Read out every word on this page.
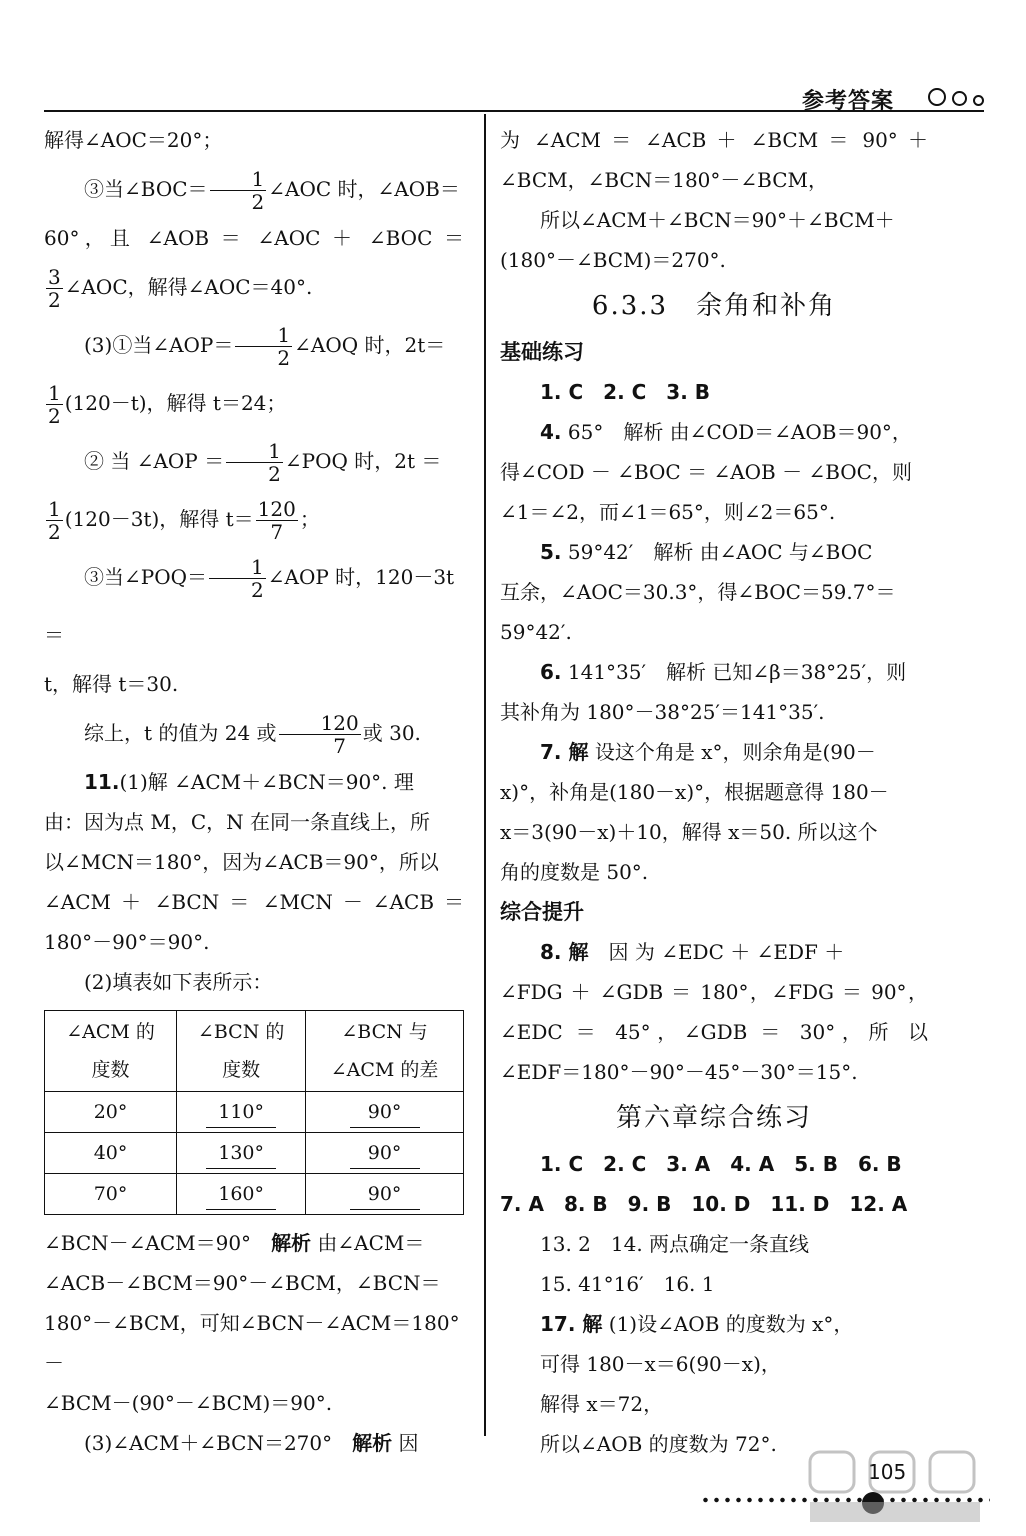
参考答案

解得∠AOC＝20°；

③当∠BOC＝ $\frac{1}{2}$ ∠AOC 时，∠AOB＝

60°，且 ∠AOB ＝ ∠AOC ＋ ∠BOC ＝

$\frac{3}{2}$ ∠AOC，解得∠AOC＝40°.

(3)①当∠AOP＝ $\frac{1}{2}$ ∠AOQ 时，2t＝

$\frac{1}{2} (120-t)$，解得 t＝24；

② 当 ∠AOP ＝ $\frac{1}{2}$ ∠POQ 时，2t ＝

$\frac{1}{2} (120-3t)$，解得 $t= \frac{120}{7}$ ；

③当∠POQ＝ $\frac{1}{2}$ ∠AOP 时，120－3t＝

t，解得 t＝30.

综上，t 的值为 24 或 $\frac{120}{7}$ 或 30.

11.(1)解 ∠ACM＋∠BCN＝90°. 理

由：因为点 M，C，N 在同一条直线上，所

以∠MCN＝180°，因为∠ACB＝90°，所以

∠ACM ＋ ∠BCN ＝ ∠MCN － ∠ACB ＝

180°－90°＝90°.

(2)填表如下表所示：

∠ACM 的
度数	∠BCN 的
度数	∠BCN 与
∠ACM 的差
20°	110°	90°
40°	130°	90°
70°	160°	90°

∠BCN－∠ACM＝90°　 解析 由∠ACM＝

∠ACB－∠BCM＝90°－∠BCM，∠BCN＝

180°－∠BCM，可知∠BCN－∠ACM＝180°－

∠BCM－(90°－∠BCM)＝90°.

(3)∠ACM＋∠BCN＝270°　 解析 因

为 ∠ACM ＝ ∠ACB ＋ ∠BCM ＝ 90° ＋

∠BCM，∠BCN＝180°－∠BCM，

所以∠ACM＋∠BCN＝90°＋∠BCM＋

(180°－∠BCM)＝270°.

6.3.3　余角和补角

基础练习

1. C　2. C　3. B

4. 65°　解析 由∠COD＝∠AOB＝90°，

得∠COD － ∠BOC ＝ ∠AOB － ∠BOC，则

∠1＝∠2，而∠1＝65°，则∠2＝65°.

5. 59°42′　解析 由∠AOC 与∠BOC

互余，∠AOC＝30.3°，得∠BOC＝59.7°＝

59°42′.

6. 141°35′　解析 已知∠β＝38°25′，则

其补角为 180°－38°25′＝141°35′.

7. 解 设这个角是 x°，则余角是(90－

x)°，补角是(180－x)°，根据题意得 180－

x＝3(90－x)＋10，解得 x＝50. 所以这个

角的度数是 50°.

综合提升

8. 解　 因 为 ∠EDC ＋ ∠EDF ＋

∠FDG ＋ ∠GDB ＝ 180°，∠FDG ＝ 90°，

∠EDC ＝ 45°，∠GDB ＝ 30°，所 以

∠EDF＝180°－90°－45°－30°＝15°.

第六章综合练习

1. C　2. C　3. A　4. A　5. B　6. B

7. A　8. B　9. B　10. D　11. D　12. A

13. 2　14. 两点确定一条直线

15. 41°16′　16. 1

17. 解 (1)设∠AOB 的度数为 x°，

可得 180－x＝6(90－x)，

解得 x＝72，

所以∠AOB 的度数为 72°.

105
